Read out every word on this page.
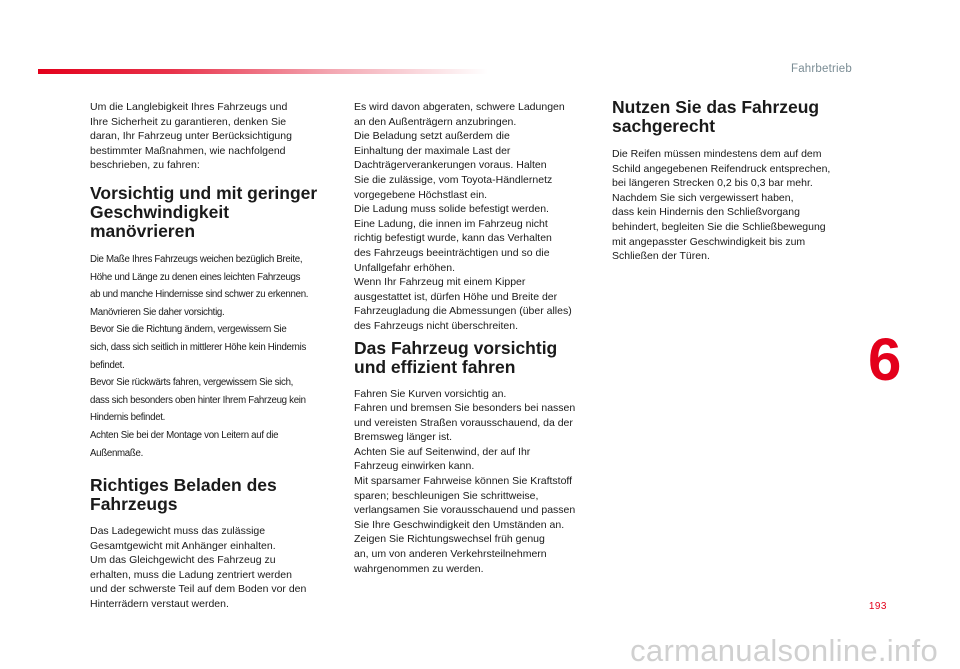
Fahrbetrieb
6
193
carmanualsonline.info

Um die Langlebigkeit Ihres Fahrzeugs und
Ihre Sicherheit zu garantieren, denken Sie
daran, Ihr Fahrzeug unter Berücksichtigung
bestimmter Maßnahmen, wie nachfolgend
beschrieben, zu fahren:

Vorsichtig und mit geringer
Geschwindigkeit manövrieren

Die Maße Ihres Fahrzeugs weichen bezüglich Breite,
Höhe und Länge zu denen eines leichten Fahrzeugs
ab und manche Hindernisse sind schwer zu erkennen.
Manövrieren Sie daher vorsichtig.
Bevor Sie die Richtung ändern, vergewissern Sie
sich, dass sich seitlich in mittlerer Höhe kein Hindernis
befindet.
Bevor Sie rückwärts fahren, vergewissern Sie sich,
dass sich besonders oben hinter Ihrem Fahrzeug kein
Hindernis befindet.
Achten Sie bei der Montage von Leitern auf die
Außenmaße.

Richtiges Beladen des
Fahrzeugs

Das Ladegewicht muss das zulässige
Gesamtgewicht mit Anhänger einhalten.
Um das Gleichgewicht des Fahrzeug zu
erhalten, muss die Ladung zentriert werden
und der schwerste Teil auf dem Boden vor den
Hinterrädern verstaut werden.

Es wird davon abgeraten, schwere Ladungen
an den Außenträgern anzubringen.
Die Beladung setzt außerdem die
Einhaltung der maximale Last der
Dachträgerverankerungen voraus. Halten
Sie die zulässige, vom Toyota-Händlernetz
vorgegebene Höchstlast ein.
Die Ladung muss solide befestigt werden.
Eine Ladung, die innen im Fahrzeug nicht
richtig befestigt wurde, kann das Verhalten
des Fahrzeugs beeinträchtigen und so die
Unfallgefahr erhöhen.
Wenn Ihr Fahrzeug mit einem Kipper
ausgestattet ist, dürfen Höhe und Breite der
Fahrzeugladung die Abmessungen (über alles)
des Fahrzeugs nicht überschreiten.

Das Fahrzeug vorsichtig
und effizient fahren

Fahren Sie Kurven vorsichtig an.
Fahren und bremsen Sie besonders bei nassen
und vereisten Straßen vorausschauend, da der
Bremsweg länger ist.
Achten Sie auf Seitenwind, der auf Ihr
Fahrzeug einwirken kann.
Mit sparsamer Fahrweise können Sie Kraftstoff
sparen; beschleunigen Sie schrittweise,
verlangsamen Sie vorausschauend und passen
Sie Ihre Geschwindigkeit den Umständen an.
Zeigen Sie Richtungswechsel früh genug
an, um von anderen Verkehrsteilnehmern
wahrgenommen zu werden.

Nutzen Sie das Fahrzeug
sachgerecht

Die Reifen müssen mindestens dem auf dem
Schild angegebenen Reifendruck entsprechen,
bei längeren Strecken 0,2 bis 0,3 bar mehr.
Nachdem Sie sich vergewissert haben,
dass kein Hindernis den Schließvorgang
behindert, begleiten Sie die Schließbewegung
mit angepasster Geschwindigkeit bis zum
Schließen der Türen.
